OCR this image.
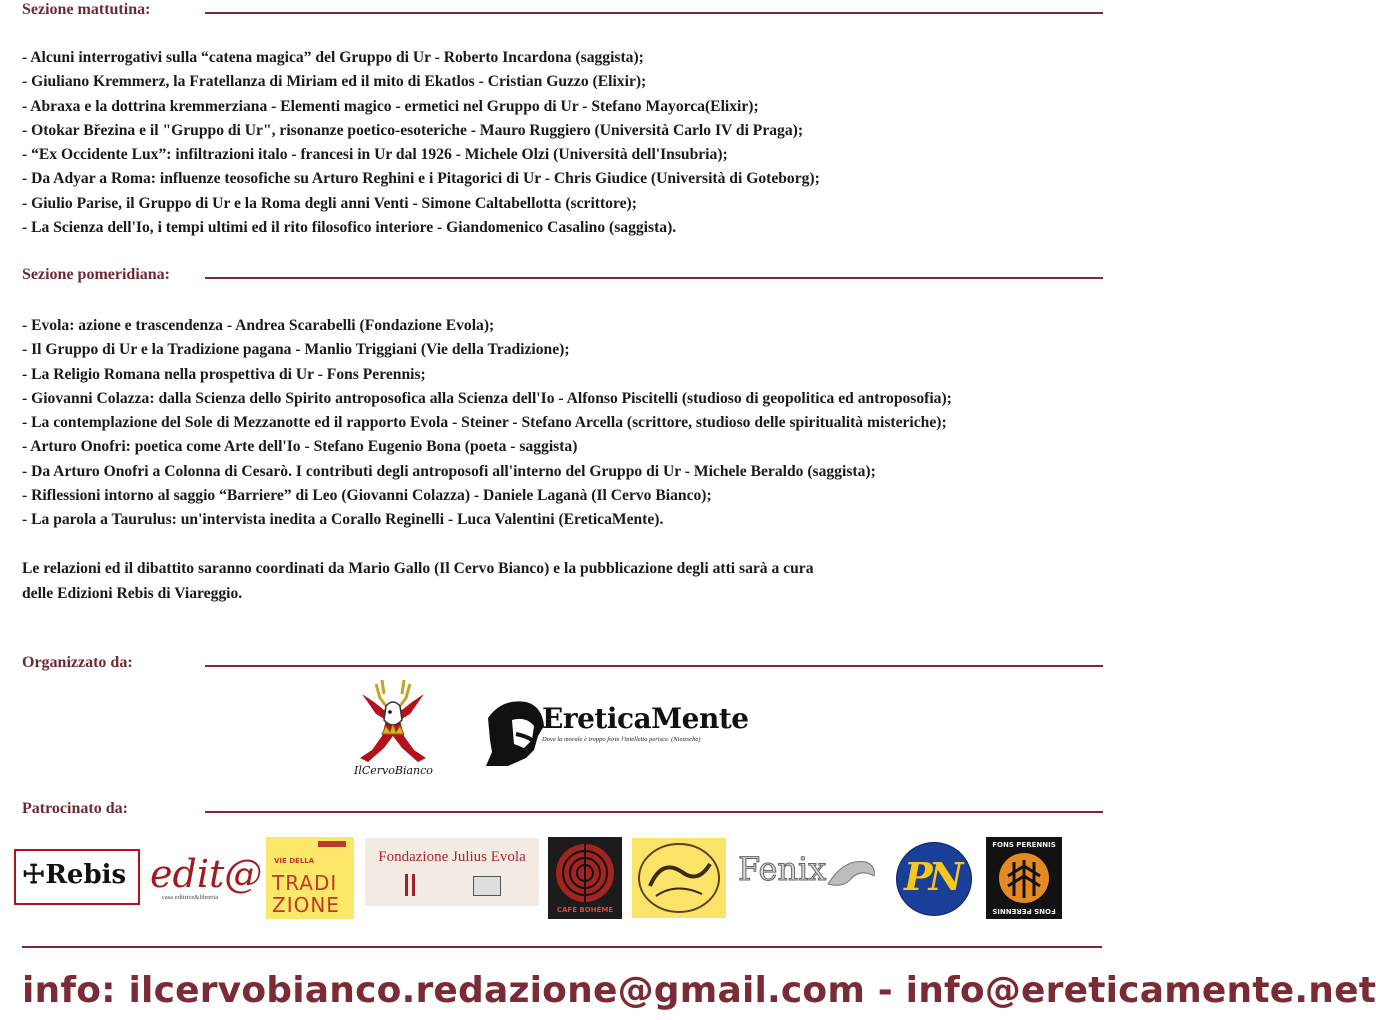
Sezione mattutina:
- Alcuni interrogativi sulla “catena magica” del Gruppo di Ur - Roberto Incardona (saggista);
- Giuliano Kremmerz, la Fratellanza di Miriam ed il mito di Ekatlos - Cristian Guzzo (Elixir);
- Abraxa e la dottrina kremmerziana - Elementi magico - ermetici nel Gruppo di Ur - Stefano Mayorca(Elixir);
- Otokar Březina e il "Gruppo di Ur", risonanze poetico-esoteriche - Mauro Ruggiero (Università Carlo IV di Praga);
- “Ex Occidente Lux”: infiltrazioni italo - francesi in Ur dal 1926 - Michele Olzi (Università dell'Insubria);
- Da Adyar a Roma: influenze teosofiche su Arturo Reghini e i Pitagorici di Ur - Chris Giudice (Università di Goteborg);
- Giulio Parise, il Gruppo di Ur e la Roma degli anni Venti - Simone Caltabellotta (scrittore);
- La Scienza dell'Io, i tempi ultimi ed il rito filosofico interiore - Giandomenico Casalino (saggista).
Sezione pomeridiana:
- Evola: azione e trascendenza - Andrea Scarabelli (Fondazione Evola);
- Il Gruppo di Ur e la Tradizione pagana - Manlio Triggiani (Vie della Tradizione);
- La Religio Romana nella prospettiva di Ur - Fons Perennis;
- Giovanni Colazza: dalla Scienza dello Spirito antroposofica alla Scienza dell'Io - Alfonso Piscitelli (studioso di geopolitica ed antroposofia);
- La contemplazione del Sole di Mezzanotte ed il rapporto Evola - Steiner - Stefano Arcella (scrittore, studioso delle spiritualità misteriche);
- Arturo Onofri: poetica come Arte dell'Io - Stefano Eugenio Bona (poeta - saggista)
- Da Arturo Onofri a Colonna di Cesarò. I contributi degli antroposofi all'interno del Gruppo di Ur - Michele Beraldo (saggista);
- Riflessioni intorno al saggio “Barriere” di Leo (Giovanni Colazza) - Daniele Laganà (Il Cervo Bianco);
- La parola a Taurulus: un'intervista inedita a Corallo Reginelli - Luca Valentini (EreticaMente).
Le relazioni ed il dibattito saranno coordinati da Mario Gallo (Il Cervo Bianco) e la pubblicazione degli atti sarà a cura
delle Edizioni Rebis di Viareggio.
Organizzato da:
IlCervoBianco
EreticaMente
Dove la morale è troppo forte l'intelletto perisce. (Nietzsche)
Patrocinato da:
☩Rebis edit@
casa editrice&libreria
VIE DELLA
TRADI
ZIONE
Fondazione Julius Evola
CAFÈ BOHÊME
Fenix PN
FONS PERENNIS
FONS PERENNIS
info: ilcervobianco.redazione@gmail.com - info@ereticamente.net
